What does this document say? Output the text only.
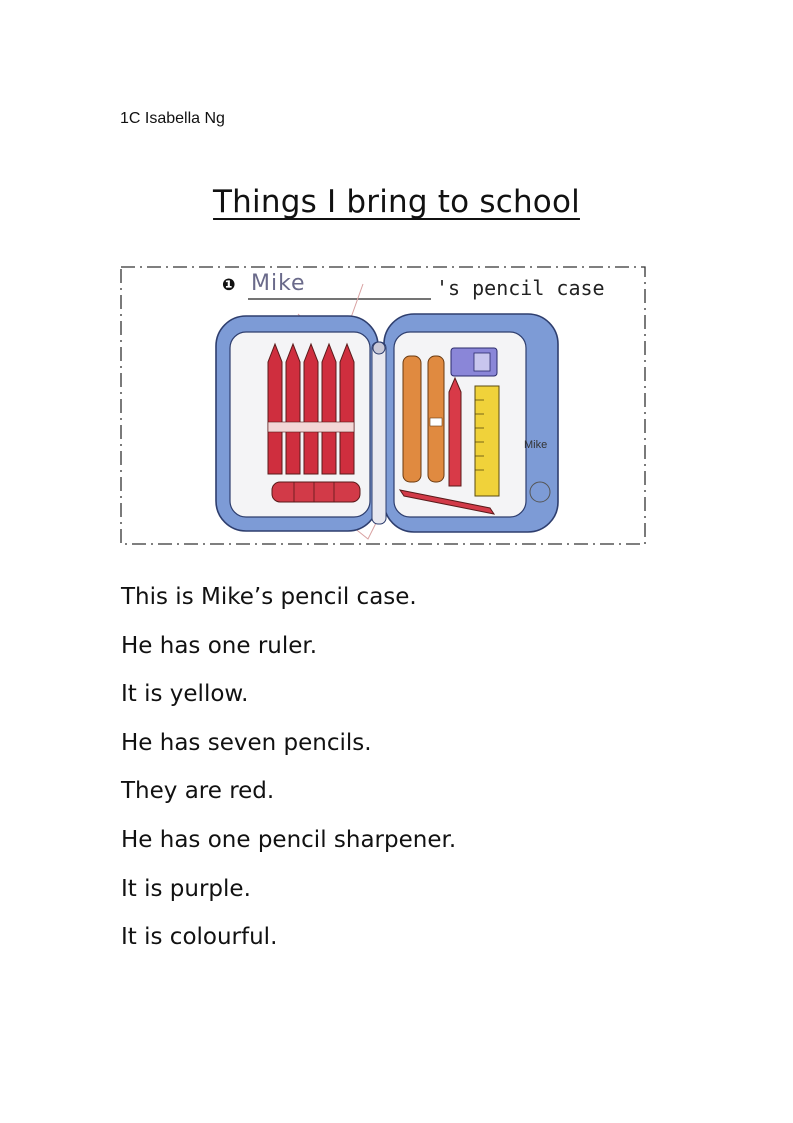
1C Isabella Ng
Things I bring to school
❶ Mike	's pencil case
Mike
This is Mike’s pencil case.
He has one ruler.
It is yellow.
He has seven pencils.
They are red.
He has one pencil sharpener.
It is purple.
It is colourful.
